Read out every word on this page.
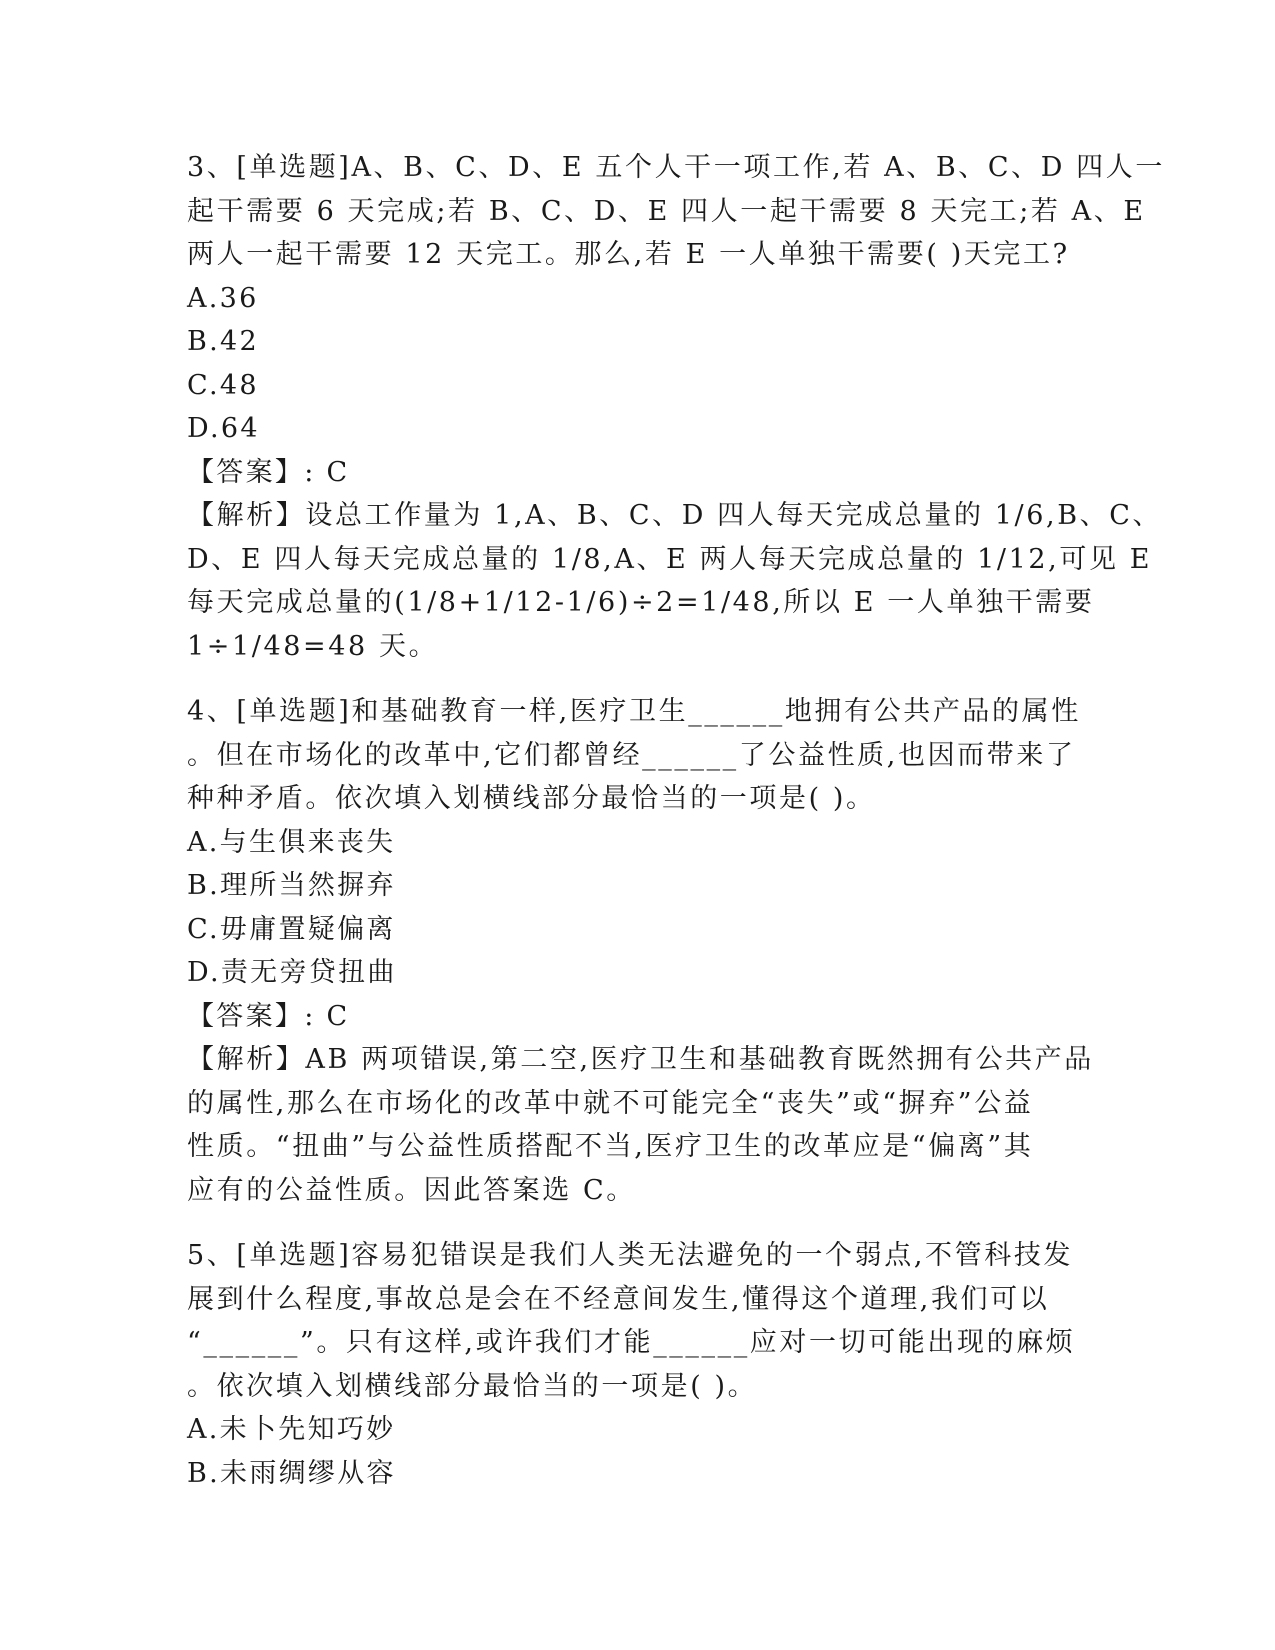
3、[单选题]A、B、C、D、E 五个人干一项工作,若 A、B、C、D 四人一
起干需要 6 天完成;若 B、C、D、E 四人一起干需要 8 天完工;若 A、E
两人一起干需要 12 天完工。那么,若 E 一人单独干需要( )天完工?
A.36
B.42
C.48
D.64
【答案】: C
【解析】设总工作量为 1,A、B、C、D 四人每天完成总量的 1/6,B、C、
D、E 四人每天完成总量的 1/8,A、E 两人每天完成总量的 1/12,可见 E
每天完成总量的(1/8+1/12-1/6)÷2=1/48,所以 E 一人单独干需要
1÷1/48=48 天。
4、[单选题]和基础教育一样,医疗卫生______地拥有公共产品的属性
。但在市场化的改革中,它们都曾经______了公益性质,也因而带来了
种种矛盾。依次填入划横线部分最恰当的一项是( )。
A.与生俱来丧失
B.理所当然摒弃
C.毋庸置疑偏离
D.责无旁贷扭曲
【答案】: C
【解析】AB 两项错误,第二空,医疗卫生和基础教育既然拥有公共产品
的属性,那么在市场化的改革中就不可能完全“丧失”或“摒弃”公益
性质。“扭曲”与公益性质搭配不当,医疗卫生的改革应是“偏离”其
应有的公益性质。因此答案选 C。
5、[单选题]容易犯错误是我们人类无法避免的一个弱点,不管科技发
展到什么程度,事故总是会在不经意间发生,懂得这个道理,我们可以
“______”。只有这样,或许我们才能______应对一切可能出现的麻烦
。依次填入划横线部分最恰当的一项是( )。
A.未卜先知巧妙
B.未雨绸缪从容
